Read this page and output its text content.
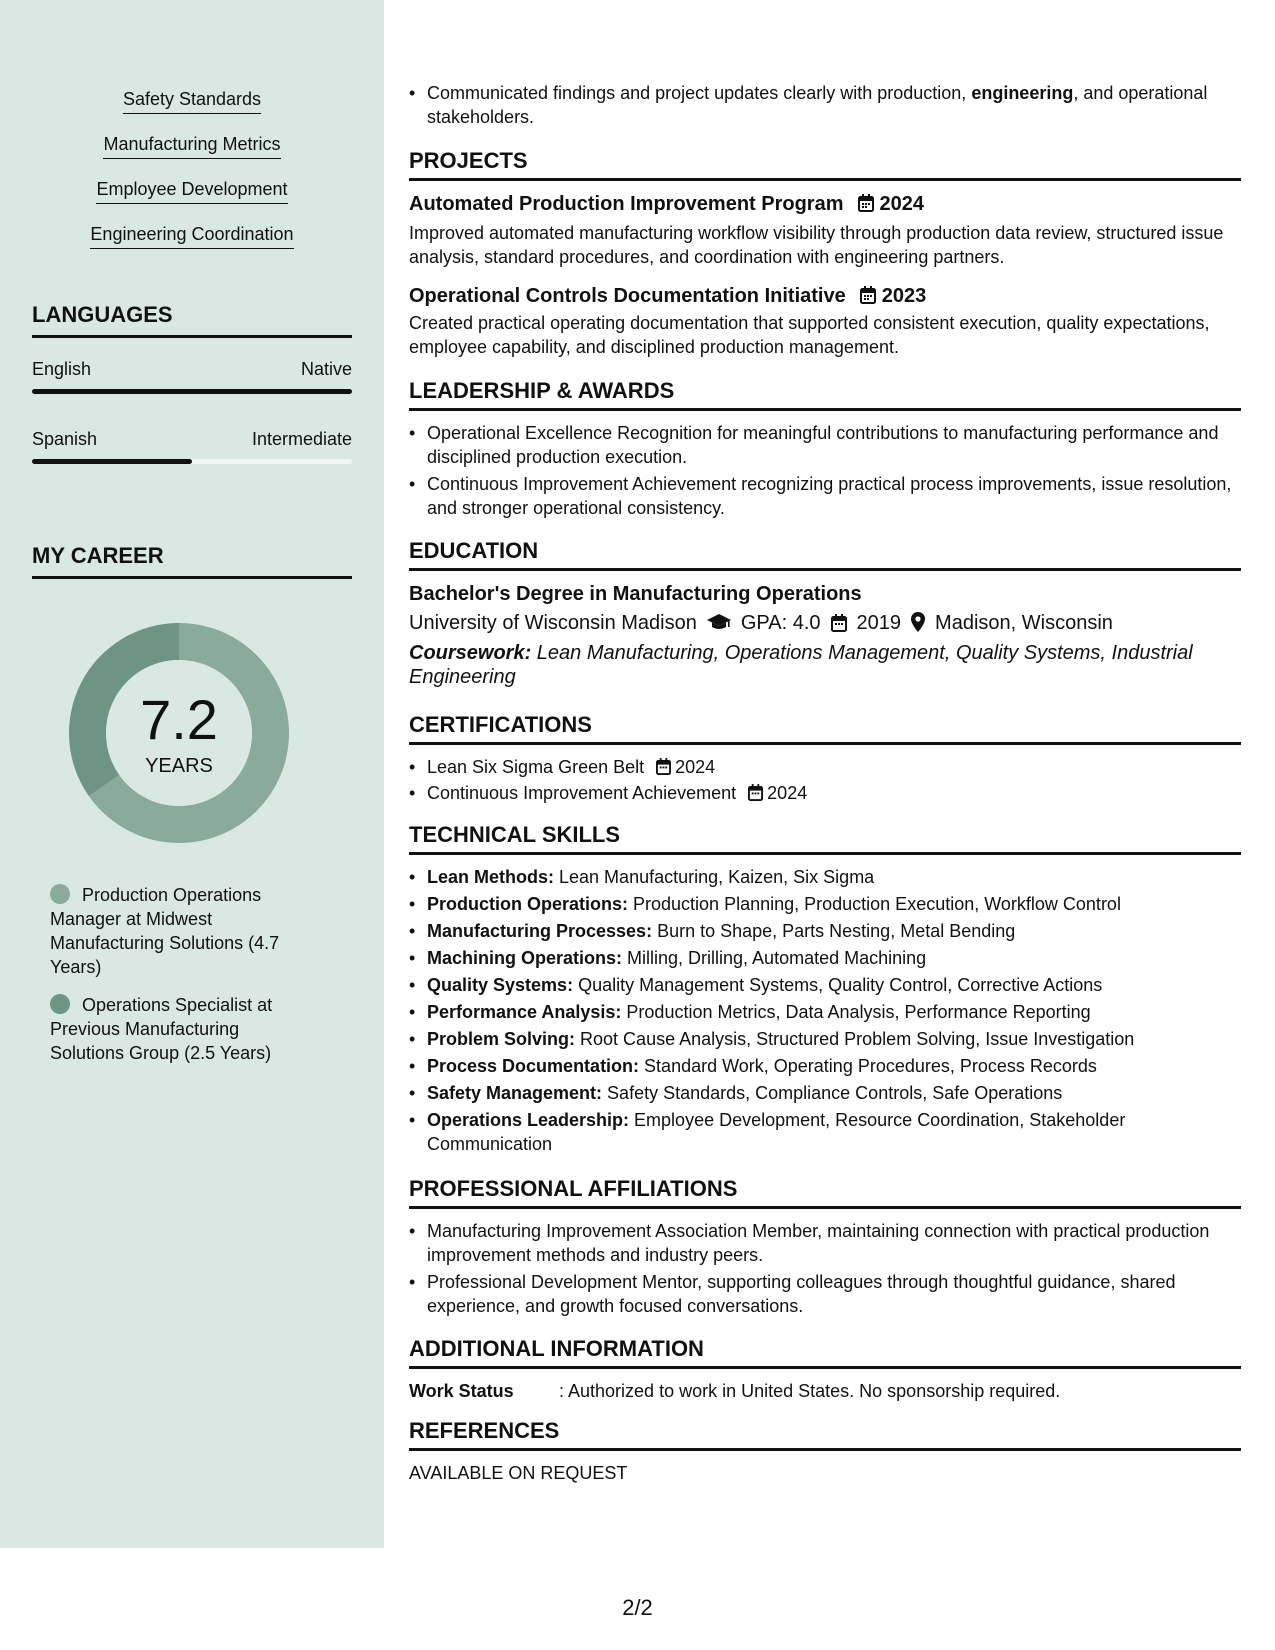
Safety Standards
Manufacturing Metrics
Employee Development
Engineering Coordination
LANGUAGES
English	Native
Spanish	Intermediate
MY CAREER
7.2
YEARS
Production Operations Manager at Midwest Manufacturing Solutions (4.7 Years)
Operations Specialist at Previous Manufacturing Solutions Group (2.5 Years)
• Communicated findings and project updates clearly with production, engineering, and operational stakeholders.
PROJECTS
Automated Production Improvement Program 2024
Improved automated manufacturing workflow visibility through production data review, structured issue analysis, standard procedures, and coordination with engineering partners.
Operational Controls Documentation Initiative 2023
Created practical operating documentation that supported consistent execution, quality expectations, employee capability, and disciplined production management.
LEADERSHIP & AWARDS
• Operational Excellence Recognition for meaningful contributions to manufacturing performance and disciplined production execution.
• Continuous Improvement Achievement recognizing practical process improvements, issue resolution, and stronger operational consistency.
EDUCATION
Bachelor's Degree in Manufacturing Operations
University of Wisconsin Madison GPA: 4.0 2019 Madison, Wisconsin
Coursework: Lean Manufacturing, Operations Management, Quality Systems, Industrial Engineering
CERTIFICATIONS
• Lean Six Sigma Green Belt 2024
• Continuous Improvement Achievement 2024
TECHNICAL SKILLS
• Lean Methods: Lean Manufacturing, Kaizen, Six Sigma
• Production Operations: Production Planning, Production Execution, Workflow Control
• Manufacturing Processes: Burn to Shape, Parts Nesting, Metal Bending
• Machining Operations: Milling, Drilling, Automated Machining
• Quality Systems: Quality Management Systems, Quality Control, Corrective Actions
• Performance Analysis: Production Metrics, Data Analysis, Performance Reporting
• Problem Solving: Root Cause Analysis, Structured Problem Solving, Issue Investigation
• Process Documentation: Standard Work, Operating Procedures, Process Records
• Safety Management: Safety Standards, Compliance Controls, Safe Operations
• Operations Leadership: Employee Development, Resource Coordination, Stakeholder Communication
PROFESSIONAL AFFILIATIONS
• Manufacturing Improvement Association Member, maintaining connection with practical production improvement methods and industry peers.
• Professional Development Mentor, supporting colleagues through thoughtful guidance, shared experience, and growth focused conversations.
ADDITIONAL INFORMATION
Work Status	: Authorized to work in United States. No sponsorship required.
REFERENCES
AVAILABLE ON REQUEST
2/2
